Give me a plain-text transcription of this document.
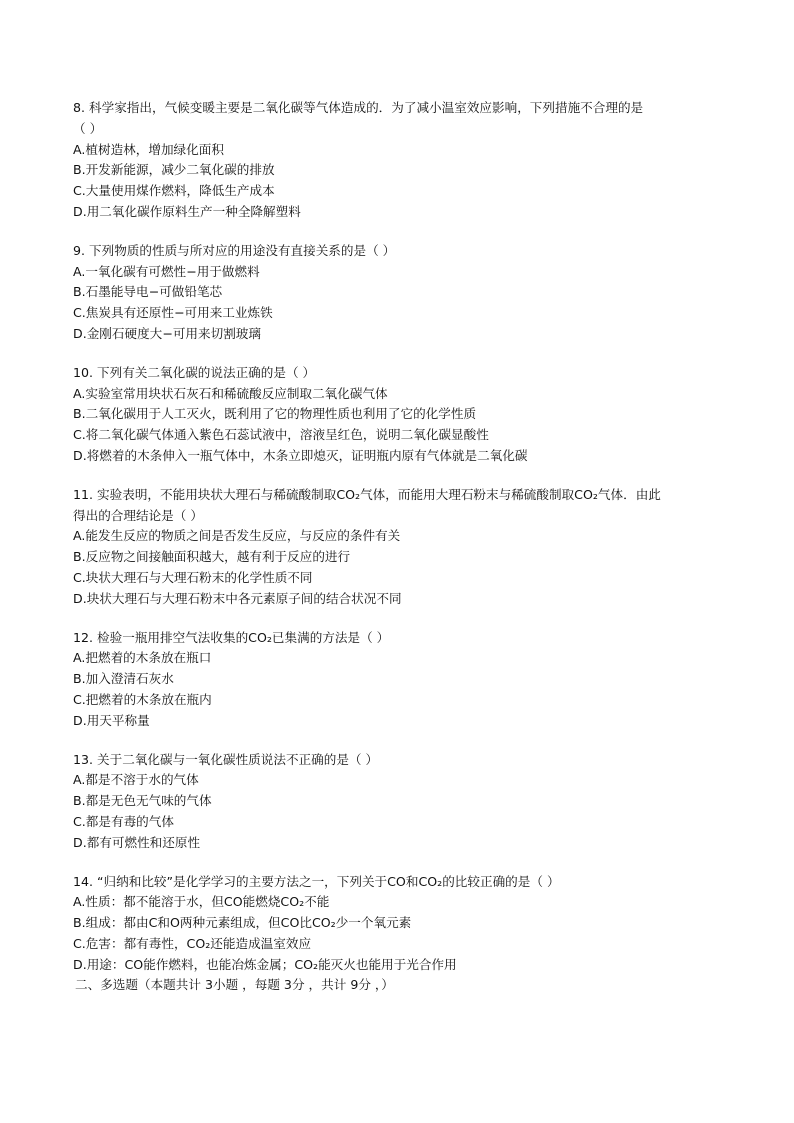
8. 科学家指出，气候变暖主要是二氧化碳等气体造成的．为了减小温室效应影响，下列措施不合理的是
（ ）
A.植树造林，增加绿化面积
B.开发新能源，减少二氧化碳的排放
C.大量使用煤作燃料，降低生产成本
D.用二氧化碳作原料生产一种全降解塑料
9. 下列物质的性质与所对应的用途没有直接关系的是（ ）
A.一氧化碳有可燃性−用于做燃料
B.石墨能导电−可做铅笔芯
C.焦炭具有还原性−可用来工业炼铁
D.金刚石硬度大−可用来切割玻璃
10. 下列有关二氧化碳的说法正确的是（ ）
A.实验室常用块状石灰石和稀硫酸反应制取二氧化碳气体
B.二氧化碳用于人工灭火，既利用了它的物理性质也利用了它的化学性质
C.将二氧化碳气体通入紫色石蕊试液中，溶液呈红色，说明二氧化碳显酸性
D.将燃着的木条伸入一瓶气体中，木条立即熄灭，证明瓶内原有气体就是二氧化碳
11. 实验表明，不能用块状大理石与稀硫酸制取CO₂气体，而能用大理石粉末与稀硫酸制取CO₂气体．由此
得出的合理结论是（ ）
A.能发生反应的物质之间是否发生反应，与反应的条件有关
B.反应物之间接触面积越大，越有利于反应的进行
C.块状大理石与大理石粉末的化学性质不同
D.块状大理石与大理石粉末中各元素原子间的结合状况不同
12. 检验一瓶用排空气法收集的CO₂已集满的方法是（ ）
A.把燃着的木条放在瓶口
B.加入澄清石灰水
C.把燃着的木条放在瓶内
D.用天平称量
13. 关于二氧化碳与一氧化碳性质说法不正确的是（ ）
A.都是不溶于水的气体
B.都是无色无气味的气体
C.都是有毒的气体
D.都有可燃性和还原性
14. “归纳和比较”是化学学习的主要方法之一，下列关于CO和CO₂的比较正确的是（ ）
A.性质：都不能溶于水，但CO能燃烧CO₂不能
B.组成：都由C和O两种元素组成，但CO比CO₂少一个氧元素
C.危害：都有毒性，CO₂还能造成温室效应
D.用途：CO能作燃料，也能冶炼金属；CO₂能灭火也能用于光合作用
二、多选题（本题共计 3小题 ，每题 3分 ，共计 9分 ，）
